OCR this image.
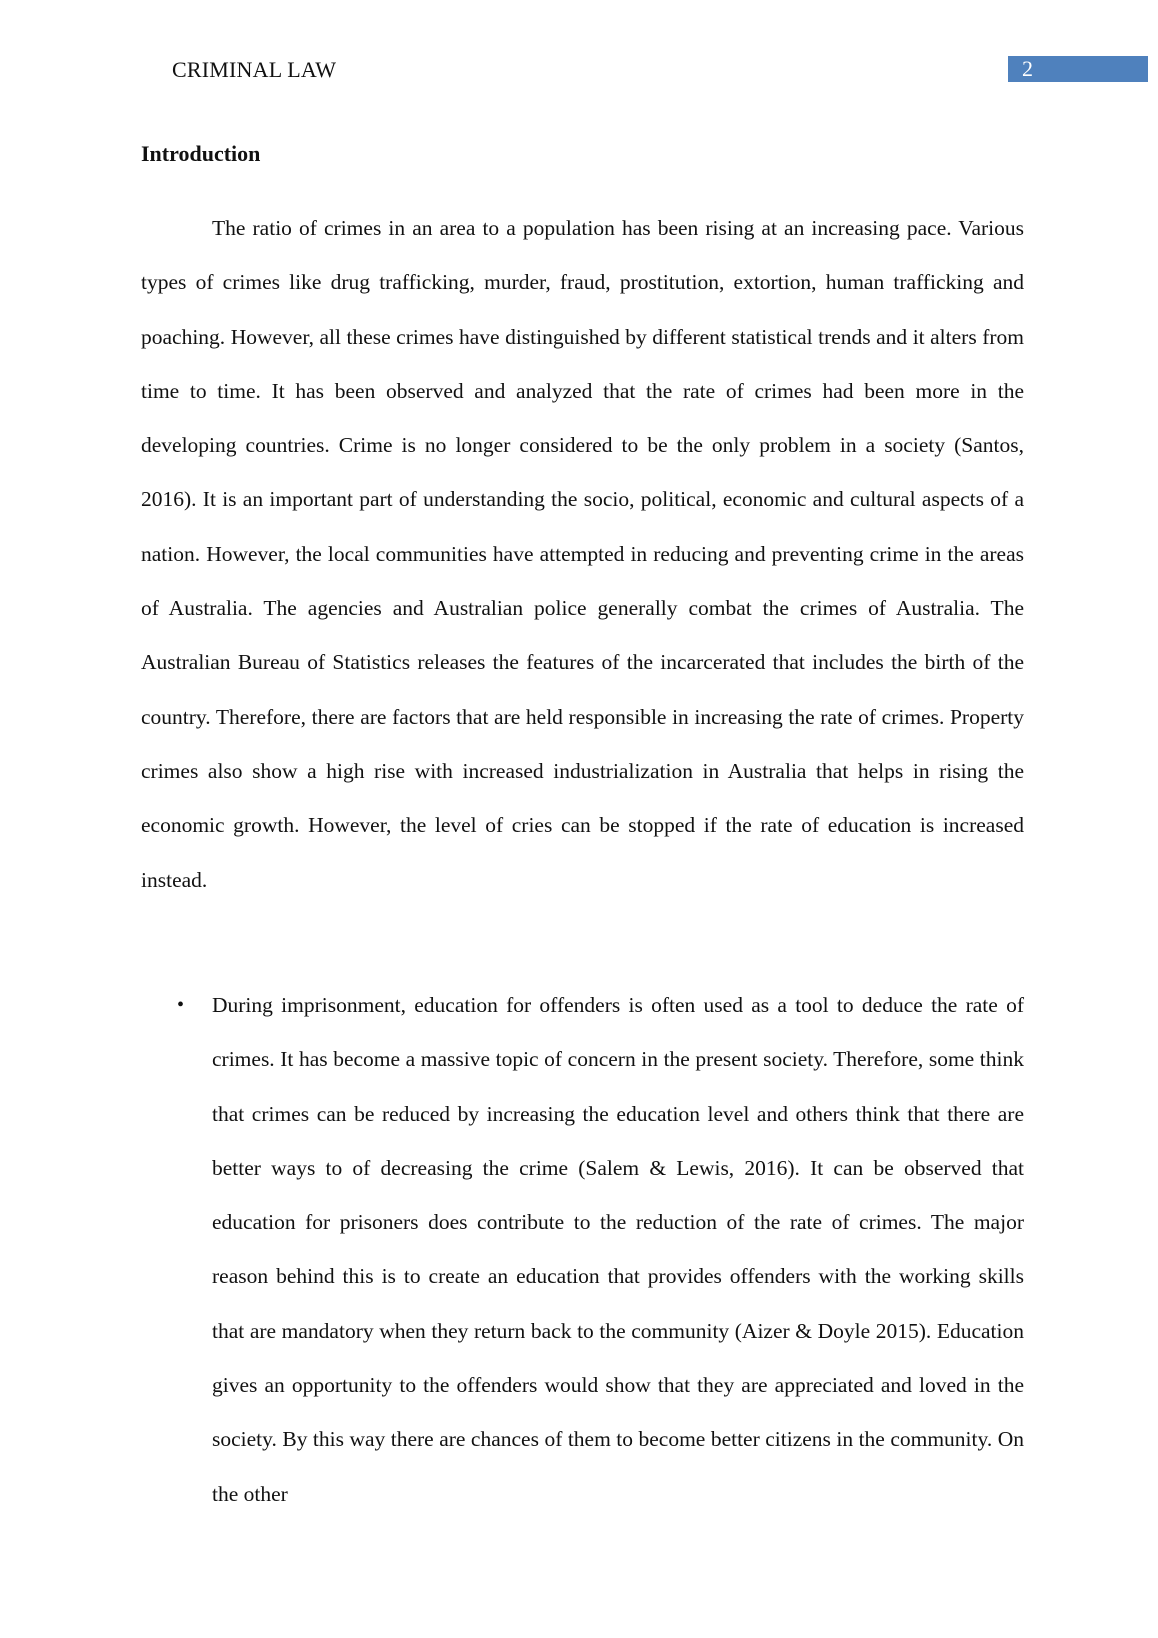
CRIMINAL LAW	2
Introduction

The ratio of crimes in an area to a population has been rising at an increasing pace. Various types of crimes like drug trafficking, murder, fraud, prostitution, extortion, human trafficking and poaching. However, all these crimes have distinguished by different statistical trends and it alters from time to time. It has been observed and analyzed that the rate of crimes had been more in the developing countries. Crime is no longer considered to be the only problem in a society (Santos, 2016). It is an important part of understanding the socio, political, economic and cultural aspects of a nation. However, the local communities have attempted in reducing and preventing crime in the areas of Australia. The agencies and Australian police generally combat the crimes of Australia. The Australian Bureau of Statistics releases the features of the incarcerated that includes the birth of the country. Therefore, there are factors that are held responsible in increasing the rate of crimes. Property crimes also show a high rise with increased industrialization in Australia that helps in rising the economic growth. However, the level of cries can be stopped if the rate of education is increased instead.

• During imprisonment, education for offenders is often used as a tool to deduce the rate of crimes. It has become a massive topic of concern in the present society. Therefore, some think that crimes can be reduced by increasing the education level and others think that there are better ways to of decreasing the crime (Salem & Lewis, 2016). It can be observed that education for prisoners does contribute to the reduction of the rate of crimes. The major reason behind this is to create an education that provides offenders with the working skills that are mandatory when they return back to the community (Aizer & Doyle 2015). Education gives an opportunity to the offenders would show that they are appreciated and loved in the society. By this way there are chances of them to become better citizens in the community. On the other
